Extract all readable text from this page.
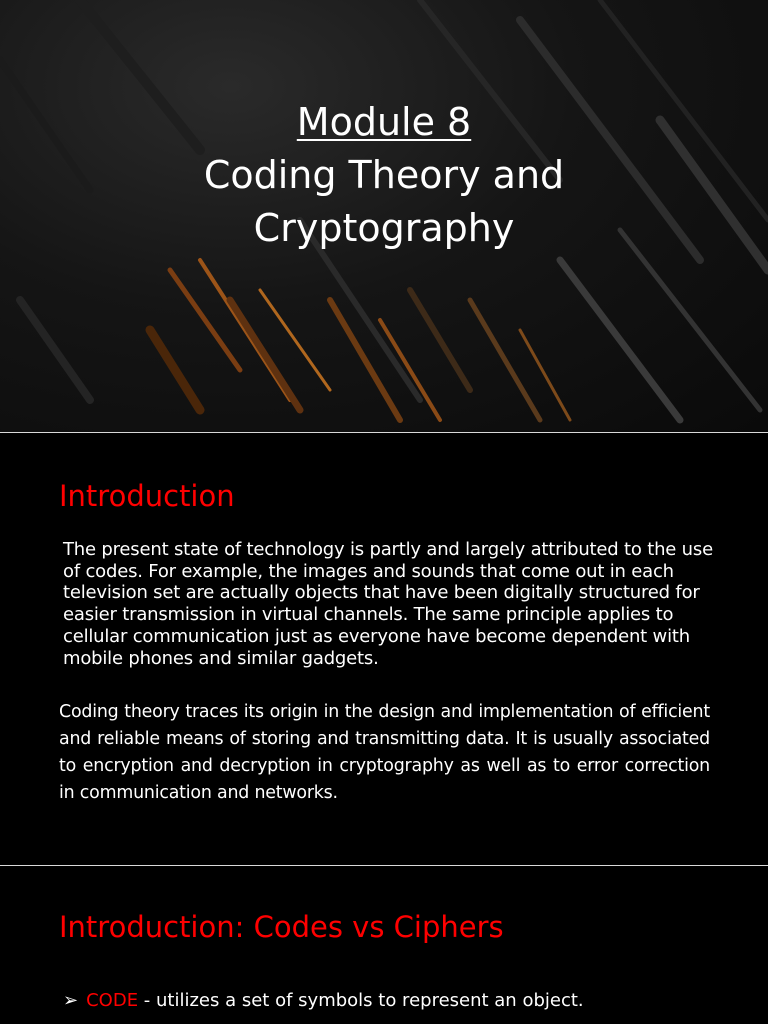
Module 8
Coding Theory and
Cryptography
Introduction

The present state of technology is partly and largely attributed to the use of codes. For example, the images and sounds that come out in each television set are actually objects that have been digitally structured for easier transmission in virtual channels. The same principle applies to cellular communication just as everyone have become dependent with mobile phones and similar gadgets.

Coding theory traces its origin in the design and implementation of efficient and reliable means of storing and transmitting data. It is usually associated to encryption and decryption in cryptography as well as to error correction in communication and networks.

Introduction: Codes vs Ciphers
➢ CODE - utilizes a set of symbols to represent an object.
